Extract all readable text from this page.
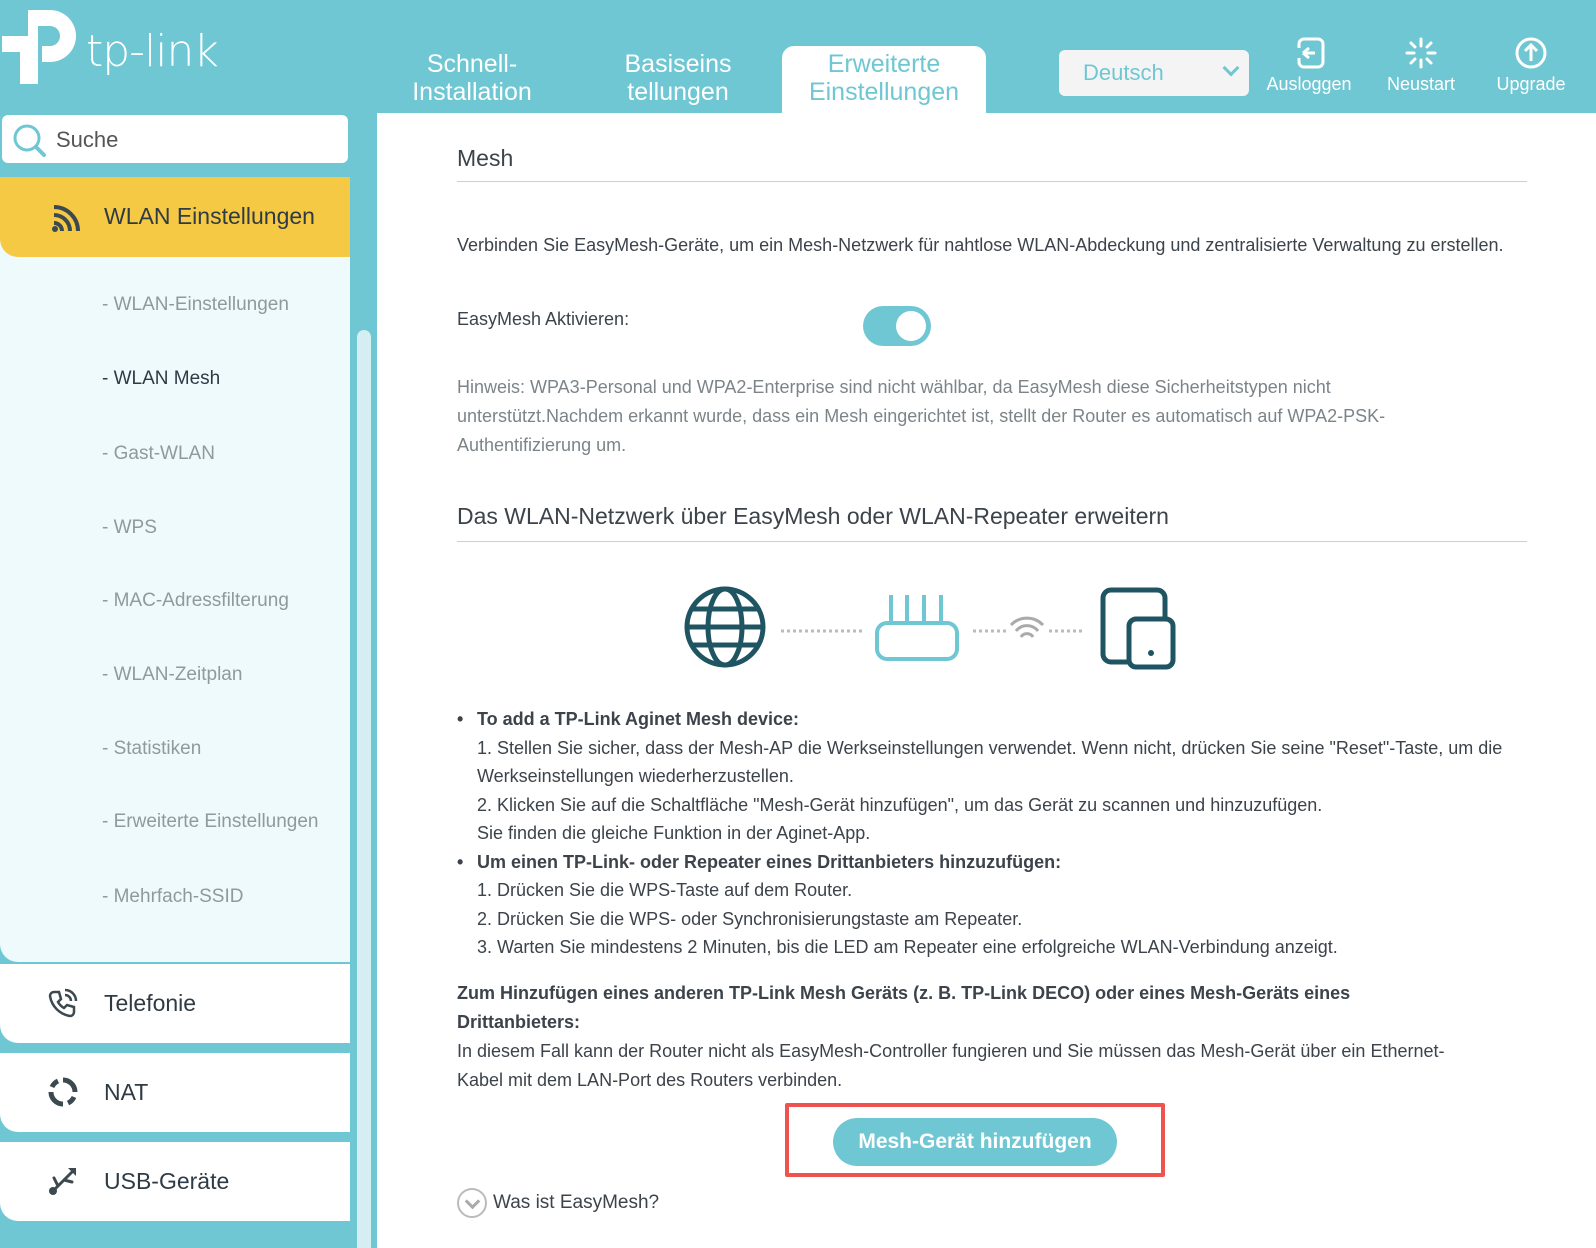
tp-link	Schnell-
Installation
Basiseins
tellungen
Erweiterte
Einstellungen
Deutsch	Ausloggen	Neustart	Upgrade
Suche
WLAN Einstellungen
- WLAN-Einstellungen
- WLAN Mesh
- Gast-WLAN
- WPS
- MAC-Adressfilterung
- WLAN-Zeitplan
- Statistiken
- Erweiterte Einstellungen
- Mehrfach-SSID
Telefonie
NAT
USB-Geräte
Mesh
Verbinden Sie EasyMesh-Geräte, um ein Mesh-Netzwerk für nahtlose WLAN-Abdeckung und zentralisierte Verwaltung zu erstellen.
EasyMesh Aktivieren:
Hinweis: WPA3-Personal und WPA2-Enterprise sind nicht wählbar, da EasyMesh diese Sicherheitstypen nicht unterstützt.Nachdem erkannt wurde, dass ein Mesh eingerichtet ist, stellt der Router es automatisch auf WPA2-PSK-Authentifizierung um.
Das WLAN-Netzwerk über EasyMesh oder WLAN-Repeater erweitern
• To add a TP-Link Aginet Mesh device:
1. Stellen Sie sicher, dass der Mesh-AP die Werkseinstellungen verwendet. Wenn nicht, drücken Sie seine "Reset"-Taste, um die Werkseinstellungen wiederherzustellen.
2. Klicken Sie auf die Schaltfläche "Mesh-Gerät hinzufügen", um das Gerät zu scannen und hinzuzufügen.
Sie finden die gleiche Funktion in der Aginet-App.
• Um einen TP-Link- oder Repeater eines Drittanbieters hinzuzufügen:
1. Drücken Sie die WPS-Taste auf dem Router.
2. Drücken Sie die WPS- oder Synchronisierungstaste am Repeater.
3. Warten Sie mindestens 2 Minuten, bis die LED am Repeater eine erfolgreiche WLAN-Verbindung anzeigt.
Zum Hinzufügen eines anderen TP-Link Mesh Geräts (z. B. TP-Link DECO) oder eines Mesh-Geräts eines Drittanbieters:
In diesem Fall kann der Router nicht als EasyMesh-Controller fungieren und Sie müssen das Mesh-Gerät über ein Ethernet-Kabel mit dem LAN-Port des Routers verbinden.
Mesh-Gerät hinzufügen
Was ist EasyMesh?
